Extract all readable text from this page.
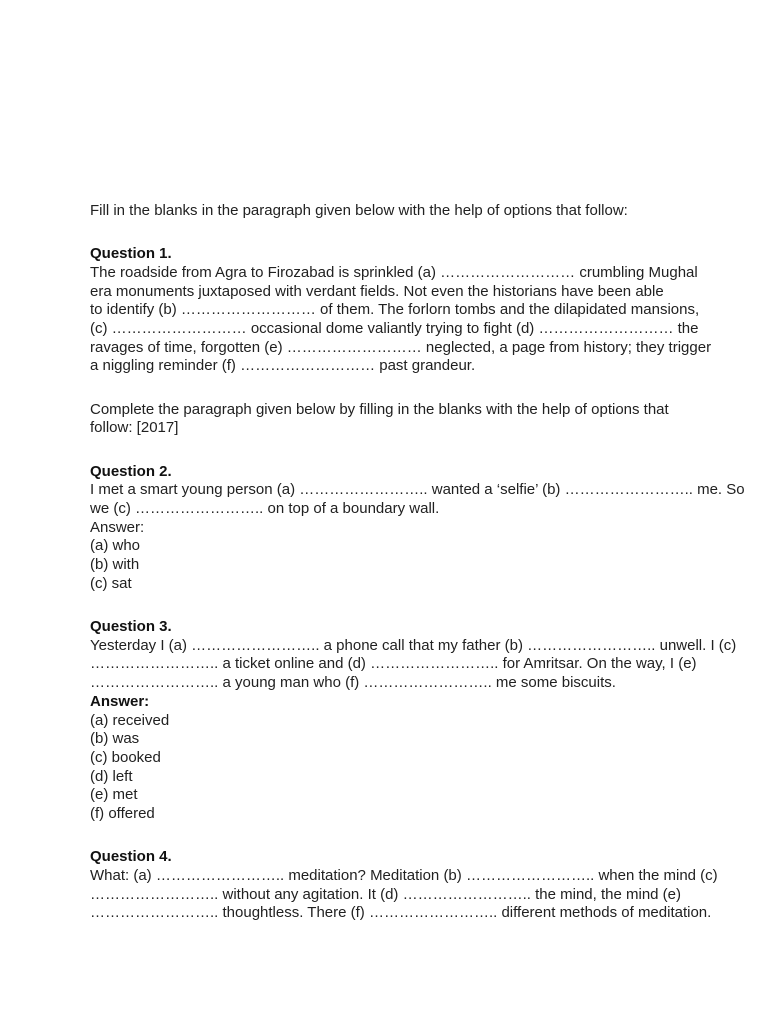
Fill in the blanks in the paragraph given below with the help of options that follow:
Question 1.
The roadside from Agra to Firozabad is sprinkled (a) ……………………… crumbling Mughal
era monuments juxtaposed with verdant fields. Not even the historians have been able
to identify (b) ……………………… of them. The forlorn tombs and the dilapidated mansions,
(c) ……………………… occasional dome valiantly trying to fight (d) ……………………… the
ravages of time, forgotten (e) ……………………… neglected, a page from history; they trigger
a niggling reminder (f) ……………………… past grandeur.
Complete the paragraph given below by filling in the blanks with the help of options that
follow: [2017]
Question 2.
I met a smart young person (a) …………………….. wanted a ‘selfie’ (b) …………………….. me. So
we (c) …………………….. on top of a boundary wall.
Answer:
(a) who
(b) with
(c) sat
Question 3.
Yesterday I (a) …………………….. a phone call that my father (b) …………………….. unwell. I (c)
…………………….. a ticket online and (d) …………………….. for Amritsar. On the way, I (e)
…………………….. a young man who (f) …………………….. me some biscuits.
Answer:
(a) received
(b) was
(c) booked
(d) left
(e) met
(f) offered
Question 4.
What: (a) …………………….. meditation? Meditation (b) …………………….. when the mind (c)
…………………….. without any agitation. It (d) …………………….. the mind, the mind (e)
…………………….. thoughtless. There (f) …………………….. different methods of meditation.
